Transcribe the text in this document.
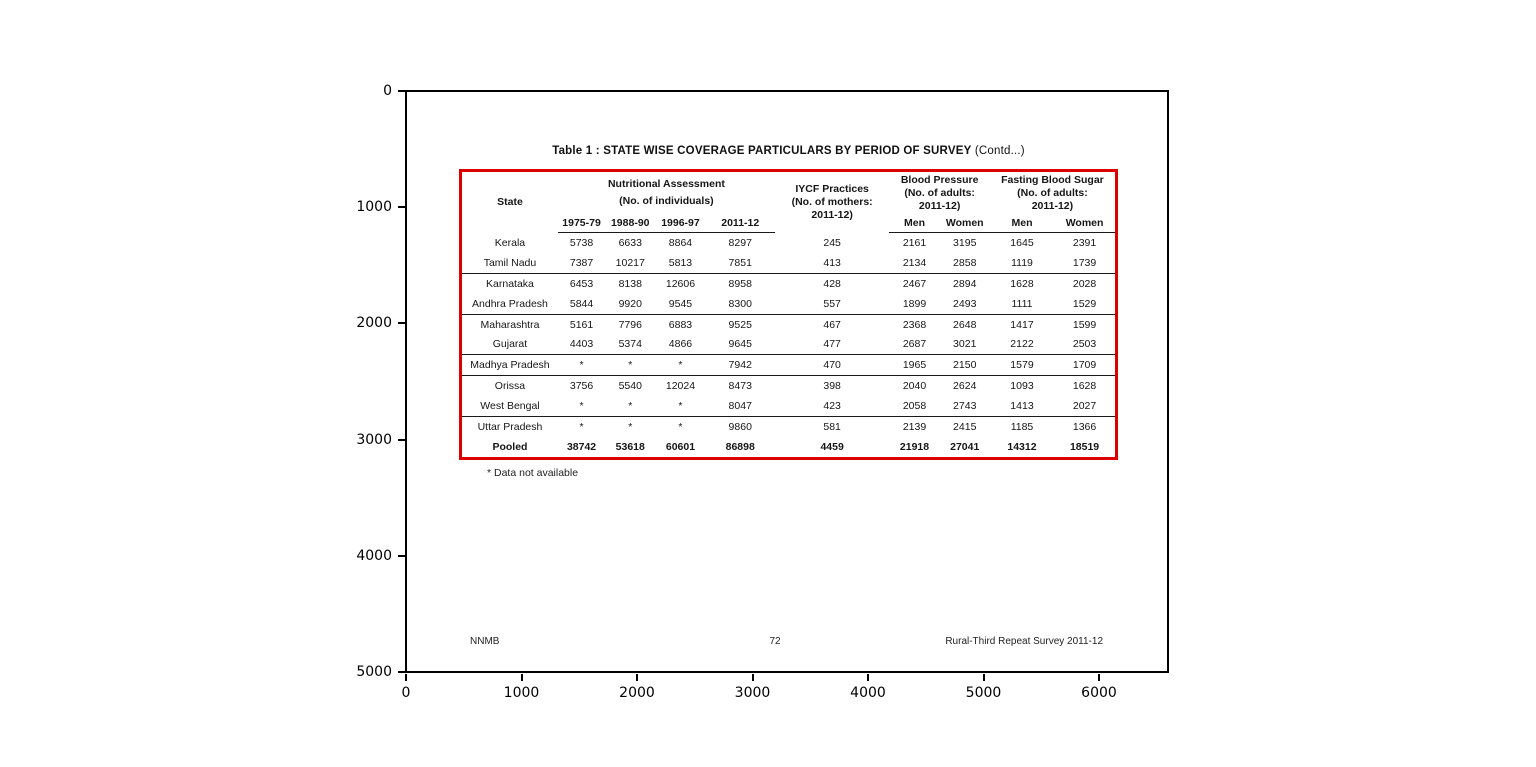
0	1000	2000	3000	4000	5000	6000
0
1000
2000
3000
4000
5000
Table 1 : STATE WISE COVERAGE PARTICULARS BY PERIOD OF SURVEY (Contd...)
State	
Nutritional Assessment
(No. of individuals)

IYCF Practices
(No. of mothers:
2011-12)

Blood Pressure
(No. of adults:
2011-12)

Fasting Blood Sugar
(No. of adults:
2011-12)

	1975-79	1988-90	1996-97	2011-12		Men	Women	Men	Women
Kerala	5738	6633	8864	8297	245	2161	3195	1645	2391
Tamil Nadu	7387	10217	5813	7851	413	2134	2858	1119	1739
Karnataka	6453	8138	12606	8958	428	2467	2894	1628	2028
Andhra Pradesh	5844	9920	9545	8300	557	1899	2493	1111	1529
Maharashtra	5161	7796	6883	9525	467	2368	2648	1417	1599
Gujarat	4403	5374	4866	9645	477	2687	3021	2122	2503
Madhya Pradesh	*	*	*	7942	470	1965	2150	1579	1709
Orissa	3756	5540	12024	8473	398	2040	2624	1093	1628
West Bengal	*	*	*	8047	423	2058	2743	1413	2027
Uttar Pradesh	*	*	*	9860	581	2139	2415	1185	1366
Pooled	38742	53618	60601	86898	4459	21918	27041	14312	18519
* Data not available
NNMB	72	Rural-Third Repeat Survey 2011-12
